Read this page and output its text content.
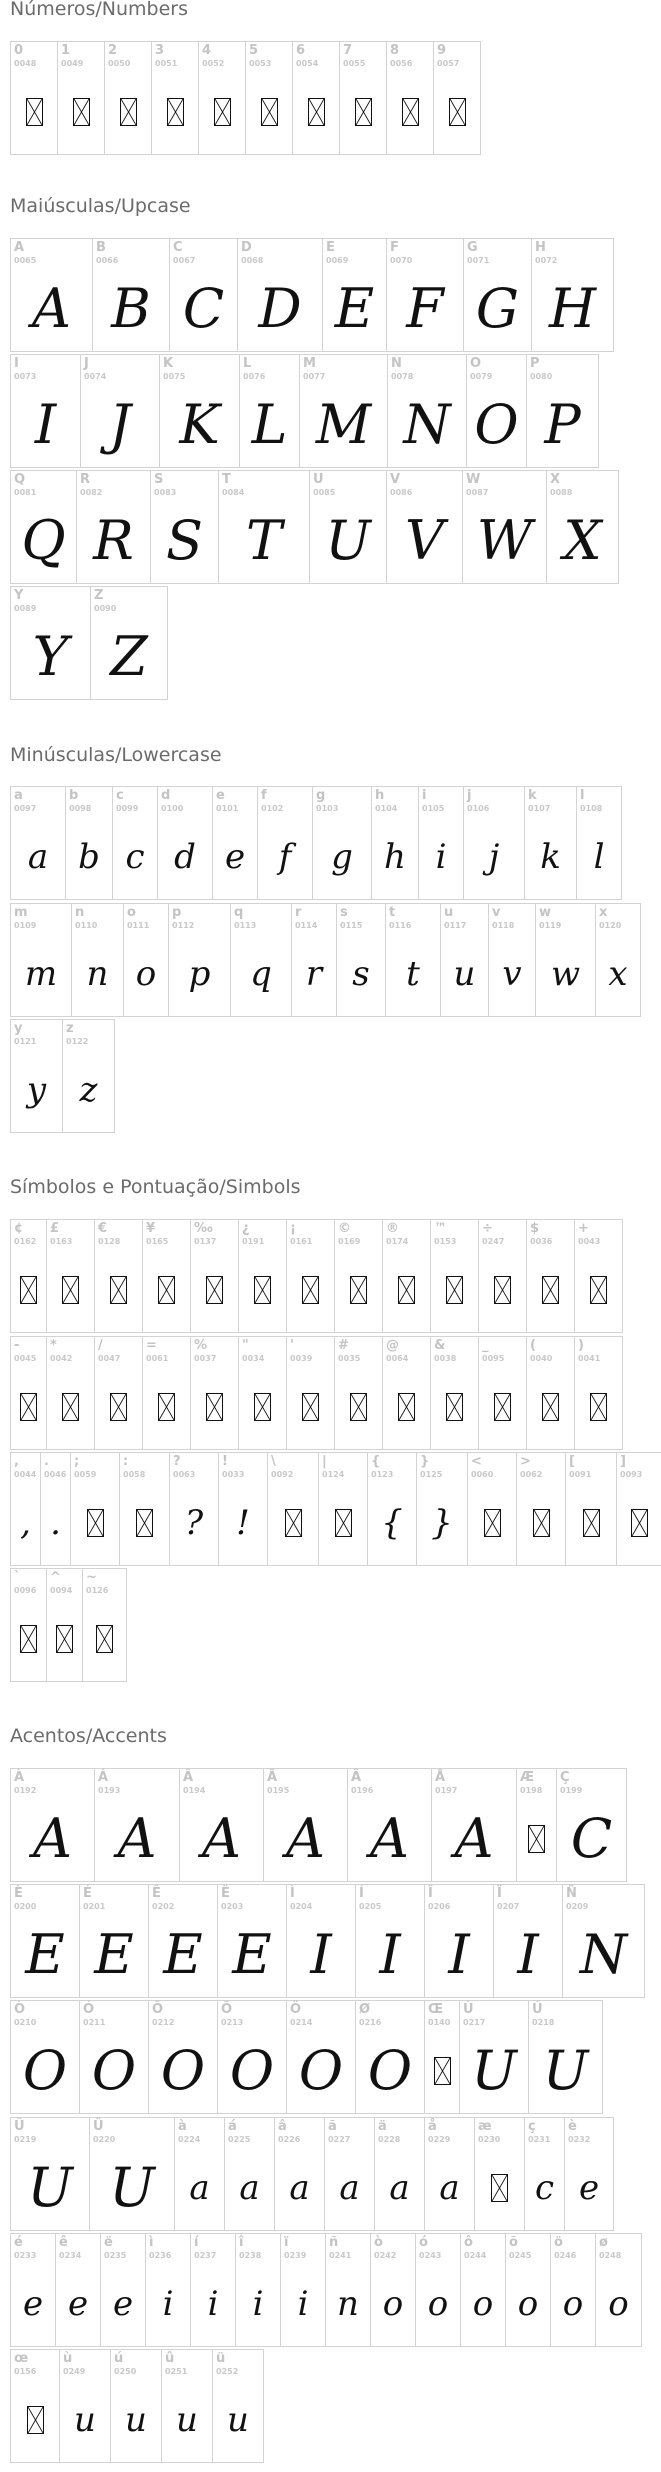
Números/Numbers
Maiúsculas/Upcase
Minúsculas/Lowercase
Símbolos e Pontuação/Simbols
Acentos/Accents
0
0048
1
0049
2
0050
3
0051
4
0052
5
0053
6
0054
7
0055
8
0056
9
0057
A
0065
A
B
0066
B
C
0067
C
D
0068
D
E
0069
E
F
0070
F
G
0071
G
H
0072
H
I
0073
I
J
0074
J
K
0075
K
L
0076
L
M
0077
M
N
0078
N
O
0079
O
P
0080
P
Q
0081
Q
R
0082
R
S
0083
S
T
0084
T
U
0085
U
V
0086
V
W
0087
W
X
0088
X
Y
0089
Y
Z
0090
Z
a
0097
a
b
0098
b
c
0099
c
d
0100
d
e
0101
e
f
0102
f
g
0103
g
h
0104
h
i
0105
i
j
0106
j
k
0107
k
l
0108
l
m
0109
m
n
0110
n
o
0111
o
p
0112
p
q
0113
q
r
0114
r
s
0115
s
t
0116
t
u
0117
u
v
0118
v
w
0119
w
x
0120
x
y
0121
y
z
0122
z
¢
0162
£
0163
€
0128
¥
0165
‰
0137
¿
0191
¡
0161
©
0169
®
0174
™
0153
÷
0247
$
0036
+
0043
-
0045
*
0042
/
0047
=
0061
%
0037
"
0034
'
0039
#
0035
@
0064
&
0038
_
0095
(
0040
)
0041
,
0044
,
.
0046
.
;
0059
:
0058
?
0063
?
!
0033
!
\
0092
|
0124
{
0123
{
}
0125
}
<
0060
>
0062
[
0091
]
0093
`
0096
^
0094
~
0126
À
0192
A
Á
0193
A
Â
0194
A
Ã
0195
A
Ä
0196
A
Å
0197
A
Æ
0198
Ç
0199
C
È
0200
E
É
0201
E
Ê
0202
E
Ë
0203
E
Ì
0204
I
Í
0205
I
Î
0206
I
Ï
0207
I
Ñ
0209
N
Ò
0210
O
Ó
0211
O
Ô
0212
O
Õ
0213
O
Ö
0214
O
Ø
0216
O
Œ
0140
Ù
0217
U
Ú
0218
U
Û
0219
U
Ü
0220
U
à
0224
a
á
0225
a
â
0226
a
ã
0227
a
ä
0228
a
å
0229
a
æ
0230
ç
0231
c
è
0232
e
é
0233
e
ê
0234
e
ë
0235
e
ì
0236
i
í
0237
i
î
0238
i
ï
0239
i
ñ
0241
n
ò
0242
o
ó
0243
o
ô
0244
o
õ
0245
o
ö
0246
o
ø
0248
o
œ
0156
ù
0249
u
ú
0250
u
û
0251
u
ü
0252
u
